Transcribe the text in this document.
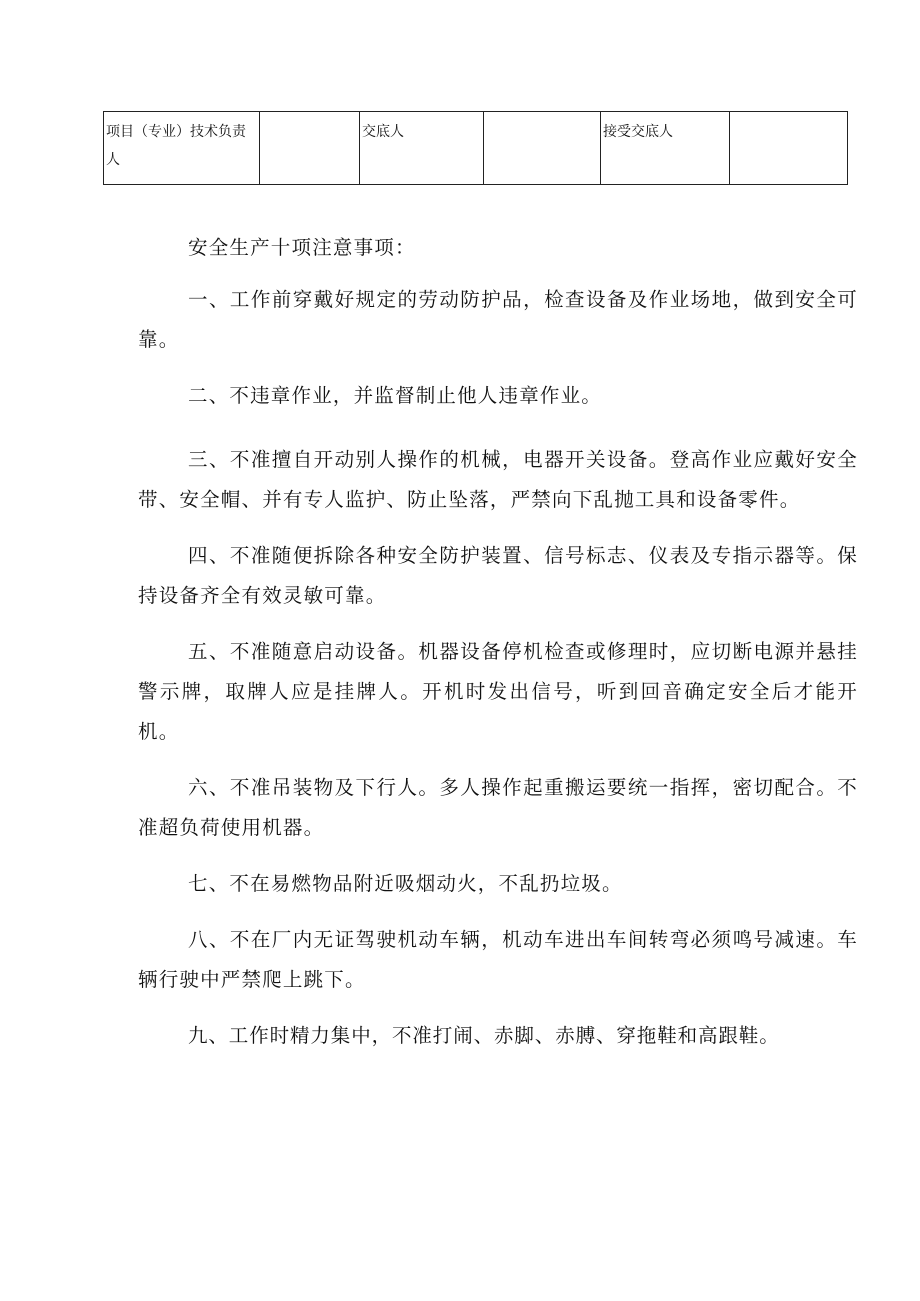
项目（专业）技术负责人		交底人		接受交底人	

安全生产十项注意事项：

一、工作前穿戴好规定的劳动防护品，检查设备及作业场地，做到安全可靠。

二、不违章作业，并监督制止他人违章作业。

三、不准擅自开动别人操作的机械，电器开关设备。登高作业应戴好安全带、安全帽、并有专人监护、防止坠落，严禁向下乱抛工具和设备零件。

四、不准随便拆除各种安全防护装置、信号标志、仪表及专指示器等。保持设备齐全有效灵敏可靠。

五、不准随意启动设备。机器设备停机检查或修理时，应切断电源并悬挂警示牌，取牌人应是挂牌人。开机时发出信号，听到回音确定安全后才能开机。

六、不准吊装物及下行人。多人操作起重搬运要统一指挥，密切配合。不准超负荷使用机器。

七、不在易燃物品附近吸烟动火，不乱扔垃圾。

八、不在厂内无证驾驶机动车辆，机动车进出车间转弯必须鸣号减速。车辆行驶中严禁爬上跳下。

九、工作时精力集中，不准打闹、赤脚、赤膊、穿拖鞋和高跟鞋。
